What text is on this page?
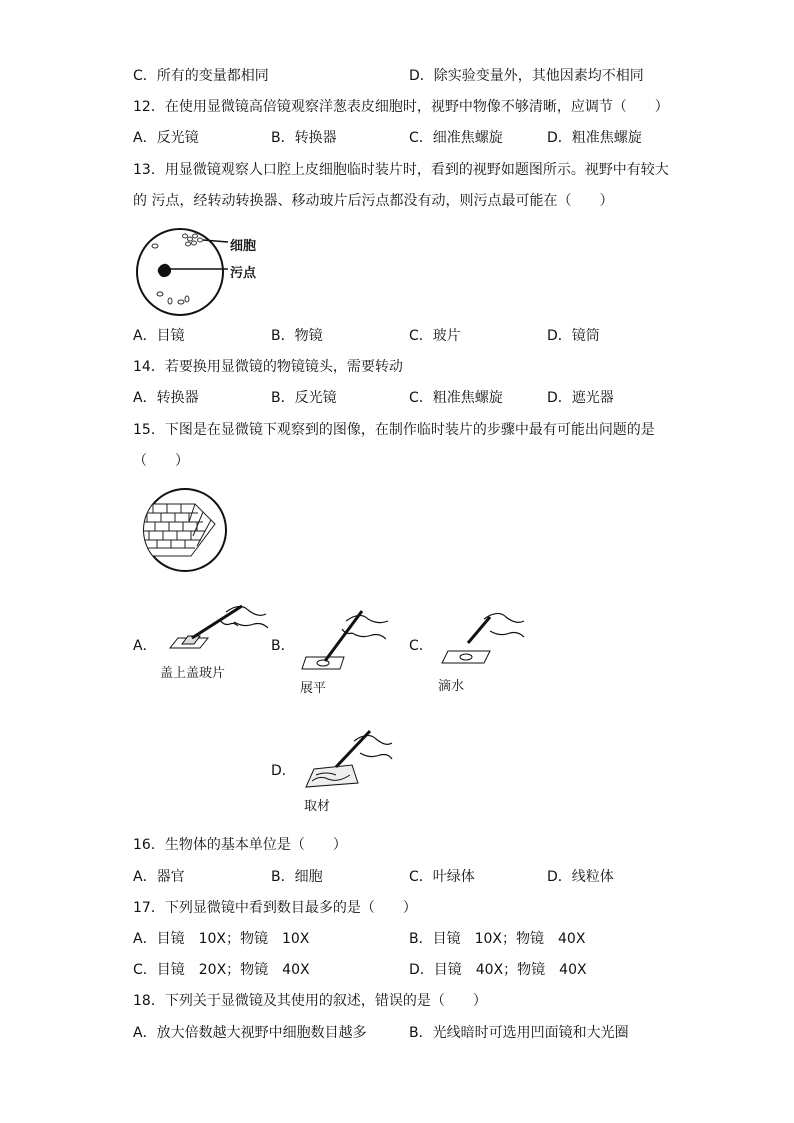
C．所有的变量都相同	D．除实验变量外，其他因素均不相同
12．在使用显微镜高倍镜观察洋葱表皮细胞时，视野中物像不够清晰，应调节（　　）
A．反光镜	B．转换器	C．细准焦螺旋	D．粗准焦螺旋
13．用显微镜观察人口腔上皮细胞临时装片时，看到的视野如题图所示。视野中有较大
的 污点，经转动转换器、移动玻片后污点都没有动，则污点最可能在（　　）
细胞
污点
A．目镜	B．物镜	C．玻片	D．镜筒
14．若要换用显微镜的物镜镜头，需要转动
A．转换器	B．反光镜	C．粗准焦螺旋	D．遮光器
15．下图是在显微镜下观察到的图像，在制作临时装片的步骤中最有可能出问题的是
（　　）
A．
盖上盖玻片
B．
展平
C．
滴水
D．
取材
16．生物体的基本单位是（　　）
A．器官	B．细胞	C．叶绿体	D．线粒体
17．下列显微镜中看到数目最多的是（　　）
A．目镜　10X；物镜　10X	B．目镜　10X；物镜　40X
C．目镜　20X；物镜　40X	D．目镜　40X；物镜　40X
18．下列关于显微镜及其使用的叙述，错误的是（　　）
A．放大倍数越大视野中细胞数目越多	B．光线暗时可选用凹面镜和大光圈
